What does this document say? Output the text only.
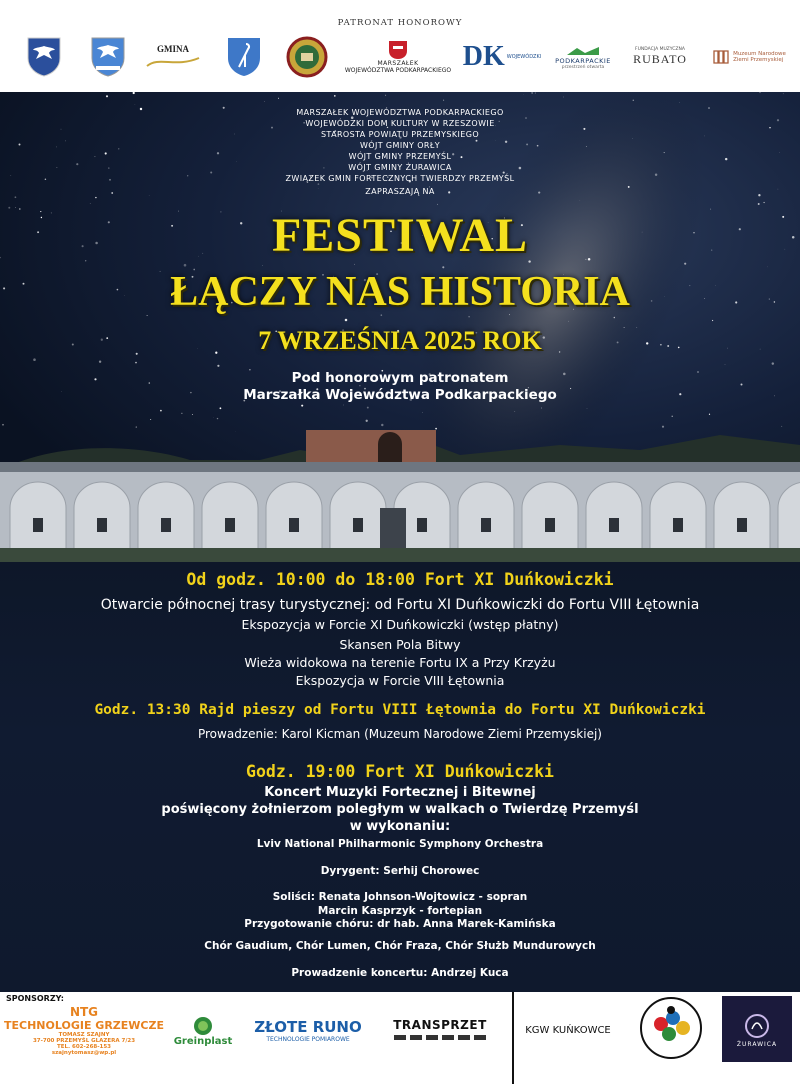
PATRONAT HONOROWY
GMINA
MARSZAŁEK
WOJEWÓDZTWA PODKARPACKIEGO DK WOJEWÓDZKI PODKARPACKIE
przestrzeń otwarta
FUNDACJA MUZYCZNA
RUBATO	Muzeum Narodowe
Ziemi Przemyskiej
MARSZAŁEK WOJEWÓDZTWA PODKARPACKIEGO
WOJEWÓDZKI DOM KULTURY W RZESZOWIE
STAROSTA POWIATU PRZEMYSKIEGO
WÓJT GMINY ORŁY
WÓJT GMINY PRZEMYŚL
WÓJT GMINY ŻURAWICA
ZWIĄZEK GMIN FORTECZNYCH TWIERDZY PRZEMYŚL
ZAPRASZAJĄ NA
FESTIWAL
ŁĄCZY NAS HISTORIA
7 WRZEŚNIA 2025 ROK
Pod honorowym patronatem
Marszałka Województwa Podkarpackiego
Od godz. 10:00 do 18:00 Fort XI Duńkowiczki
Otwarcie północnej trasy turystycznej: od Fortu XI Duńkowiczki do Fortu VIII Łętownia
Ekspozycja w Forcie XI Duńkowiczki (wstęp płatny)
Skansen Pola Bitwy
Wieża widokowa na terenie Fortu IX a Przy Krzyżu
Ekspozycja w Forcie VIII Łętownia
Godz. 13:30 Rajd pieszy od Fortu VIII Łętownia do Fortu XI Duńkowiczki
Prowadzenie: Karol Kicman (Muzeum Narodowe Ziemi Przemyskiej)
Godz. 19:00 Fort XI Duńkowiczki
Koncert Muzyki Fortecznej i Bitewnej
poświęcony żołnierzom poległym w walkach o Twierdzę Przemyśl
w wykonaniu:
Lviv National Philharmonic Symphony Orchestra
Dyrygent: Serhij Chorowec
Soliści: Renata Johnson-Wojtowicz - sopran
Marcin Kasprzyk - fortepian
Przygotowanie chóru: dr hab. Anna Marek-Kamińska
Chór Gaudium, Chór Lumen, Chór Fraza, Chór Służb Mundurowych
Prowadzenie koncertu: Andrzej Kuca
SPONSORZY:
NTG
TECHNOLOGIE GRZEWCZE
TOMASZ SZAJNY
37-700 PRZEMYŚL GLAZERA 7/23
TEL. 602-268-153
szajnytomasz@wp.pl
Greinplast
ZŁOTE RUNO
TECHNOLOGIE POMIAROWE
TRANSPRZET	KGW KUŃKOWCE
ŻURAWICA
